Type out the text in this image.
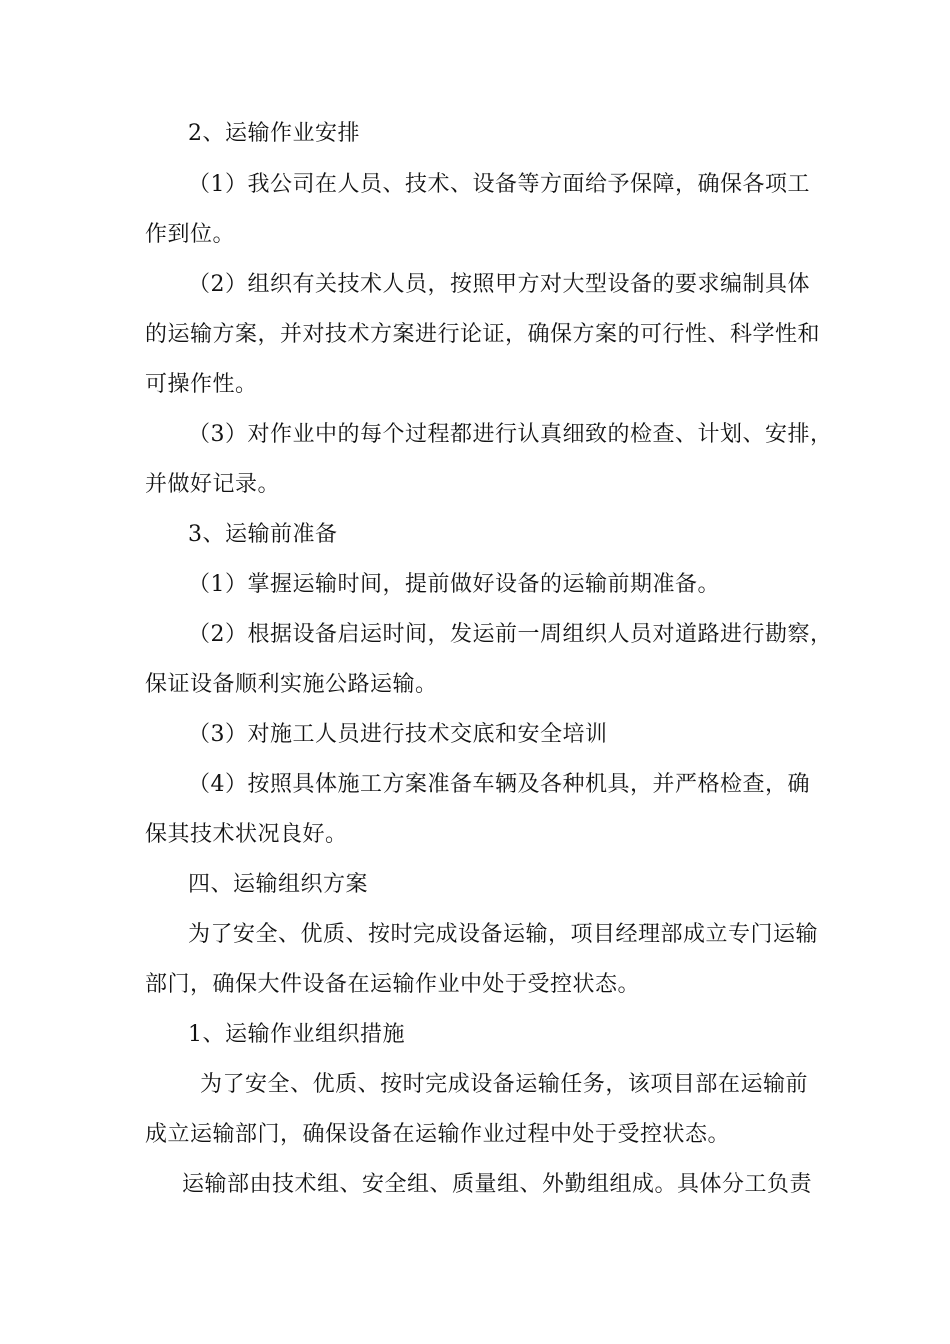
2、运输作业安排
（1）我公司在人员、技术、设备等方面给予保障，确保各项工
作到位。
（2）组织有关技术人员，按照甲方对大型设备的要求编制具体
的运输方案，并对技术方案进行论证，确保方案的可行性、科学性和
可操作性。
（3）对作业中的每个过程都进行认真细致的检查、计划、安排，
并做好记录。
3、运输前准备
（1）掌握运输时间，提前做好设备的运输前期准备。
（2）根据设备启运时间，发运前一周组织人员对道路进行勘察，
保证设备顺利实施公路运输。
（3）对施工人员进行技术交底和安全培训
（4）按照具体施工方案准备车辆及各种机具，并严格检查，确
保其技术状况良好。
四、运输组织方案
为了安全、优质、按时完成设备运输，项目经理部成立专门运输
部门，确保大件设备在运输作业中处于受控状态。
1、运输作业组织措施
为了安全、优质、按时完成设备运输任务，该项目部在运输前
成立运输部门，确保设备在运输作业过程中处于受控状态。
运输部由技术组、安全组、质量组、外勤组组成。具体分工负责
